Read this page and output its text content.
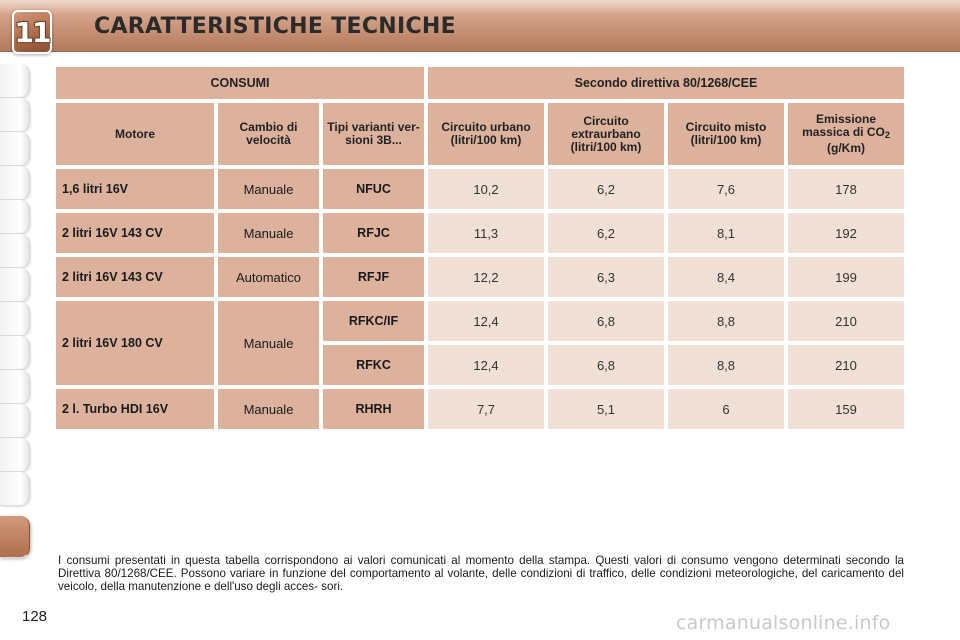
11 CARATTERISTICHE TECNICHE
CONSUMI			Secondo direttiva 80/1268/CEE			
Motore	Cambio di velocità	Tipi varianti ver- sioni 3B...	Circuito urbano (litri/100 km)	Circuito extraurbano (litri/100 km)	Circuito misto (litri/100 km)	Emissione massica di $CO_2$ (g/Km)
1,6 litri 16V	Manuale	NFUC	10,2	6,2	7,6	178
2 litri 16V 143 CV	Manuale	RFJC	11,3	6,2	8,1	192
2 litri 16V 143 CV	Automatico	RFJF	12,2	6,3	8,4	199
2 litri 16V 180 CV	Manuale	RFKC/IF	12,4	6,8	8,8	210
		RFKC	12,4	6,8	8,8	210
2 l. Turbo HDI 16V	Manuale	RHRH	7,7	5,1	6	159

I consumi presentati in questa tabella corrispondono ai valori comunicati al momento della stampa. Questi valori di consumo vengono determinati secondo la Direttiva 80/1268/CEE. Possono variare in funzione del comportamento al volante, delle condizioni di traffico, delle condizioni meteorologiche, del caricamento del veicolo, della manutenzione e dell'uso degli acces- sori.

128	carmanualsonline.info
